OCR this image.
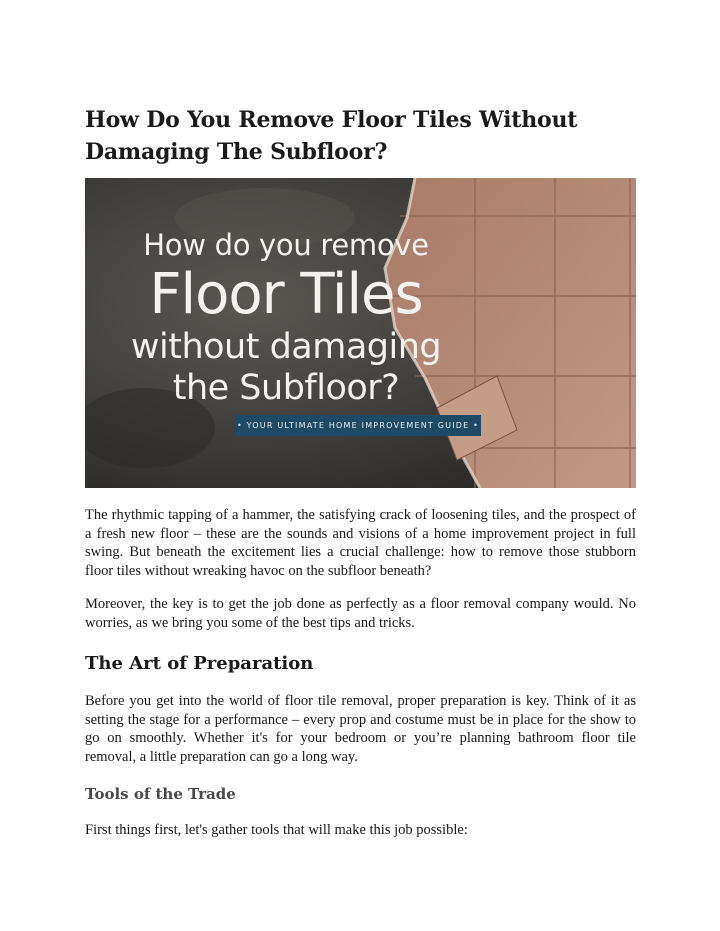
How Do You Remove Floor Tiles Without Damaging The Subfloor?
How do you remove
Floor Tiles
without damaging
the Subfloor?
• YOUR ULTIMATE HOME IMPROVEMENT GUIDE •

The rhythmic tapping of a hammer, the satisfying crack of loosening tiles, and the prospect of a fresh new floor – these are the sounds and visions of a home improvement project in full swing. But beneath the excitement lies a crucial challenge: how to remove those stubborn floor tiles without wreaking havoc on the subfloor beneath?

Moreover, the key is to get the job done as perfectly as a floor removal company would. No worries, as we bring you some of the best tips and tricks.

The Art of Preparation

Before you get into the world of floor tile removal, proper preparation is key. Think of it as setting the stage for a performance – every prop and costume must be in place for the show to go on smoothly. Whether it's for your bedroom or you’re planning bathroom floor tile removal, a little preparation can go a long way.

Tools of the Trade

First things first, let's gather tools that will make this job possible:
